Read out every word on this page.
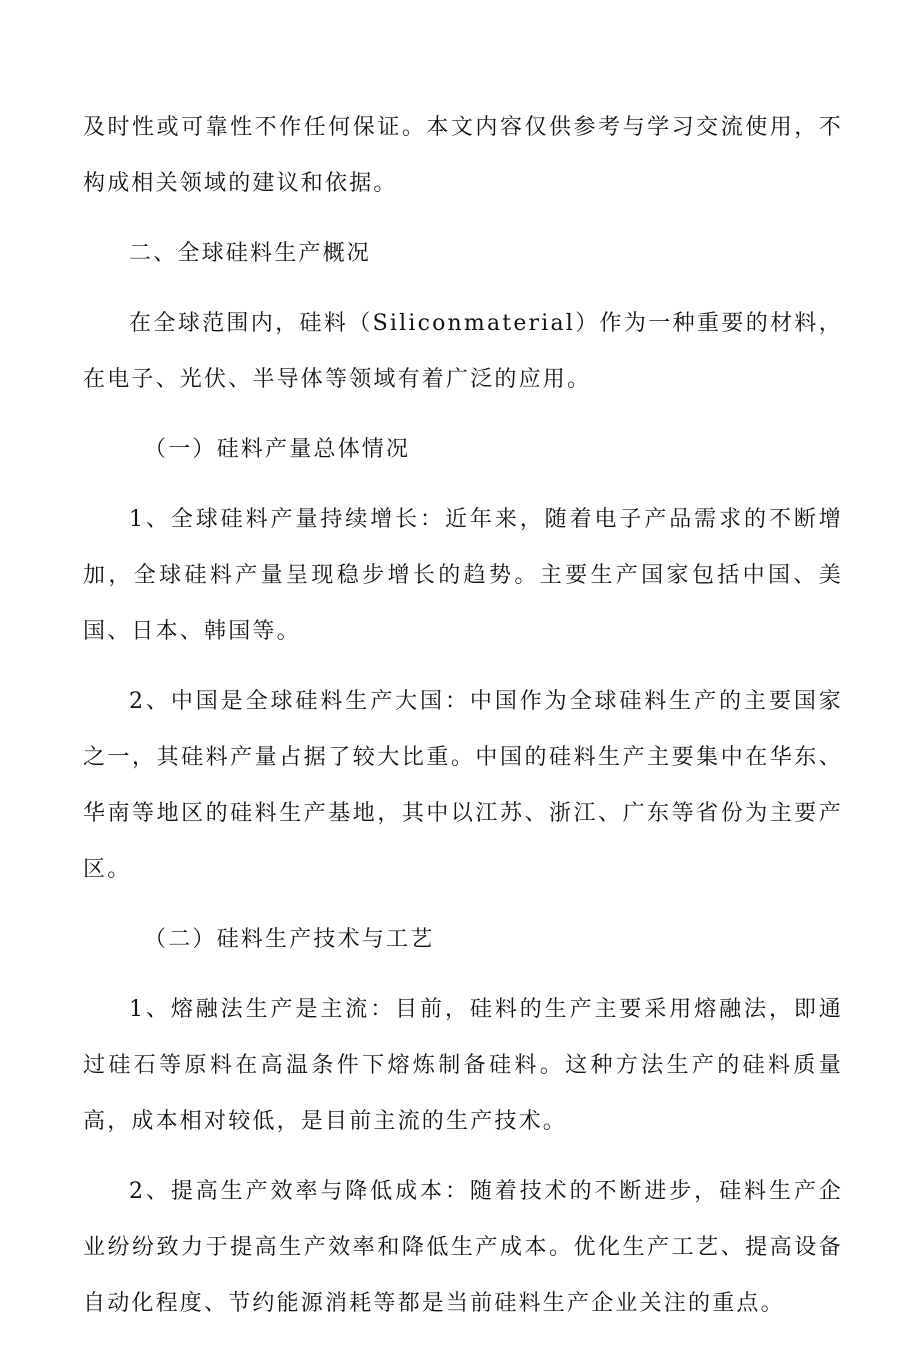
及时性或可靠性不作任何保证。本文内容仅供参考与学习交流使用，不构成相关领域的建议和依据。

二、全球硅料生产概况

在全球范围内，硅料（Siliconmaterial）作为一种重要的材料，在电子、光伏、半导体等领域有着广泛的应用。

（一）硅料产量总体情况

1、全球硅料产量持续增长：近年来，随着电子产品需求的不断增加，全球硅料产量呈现稳步增长的趋势。主要生产国家包括中国、美国、日本、韩国等。

2、中国是全球硅料生产大国：中国作为全球硅料生产的主要国家之一，其硅料产量占据了较大比重。中国的硅料生产主要集中在华东、华南等地区的硅料生产基地，其中以江苏、浙江、广东等省份为主要产区。

（二）硅料生产技术与工艺

1、熔融法生产是主流：目前，硅料的生产主要采用熔融法，即通过硅石等原料在高温条件下熔炼制备硅料。这种方法生产的硅料质量高，成本相对较低，是目前主流的生产技术。

2、提高生产效率与降低成本：随着技术的不断进步，硅料生产企业纷纷致力于提高生产效率和降低生产成本。优化生产工艺、提高设备自动化程度、节约能源消耗等都是当前硅料生产企业关注的重点。
